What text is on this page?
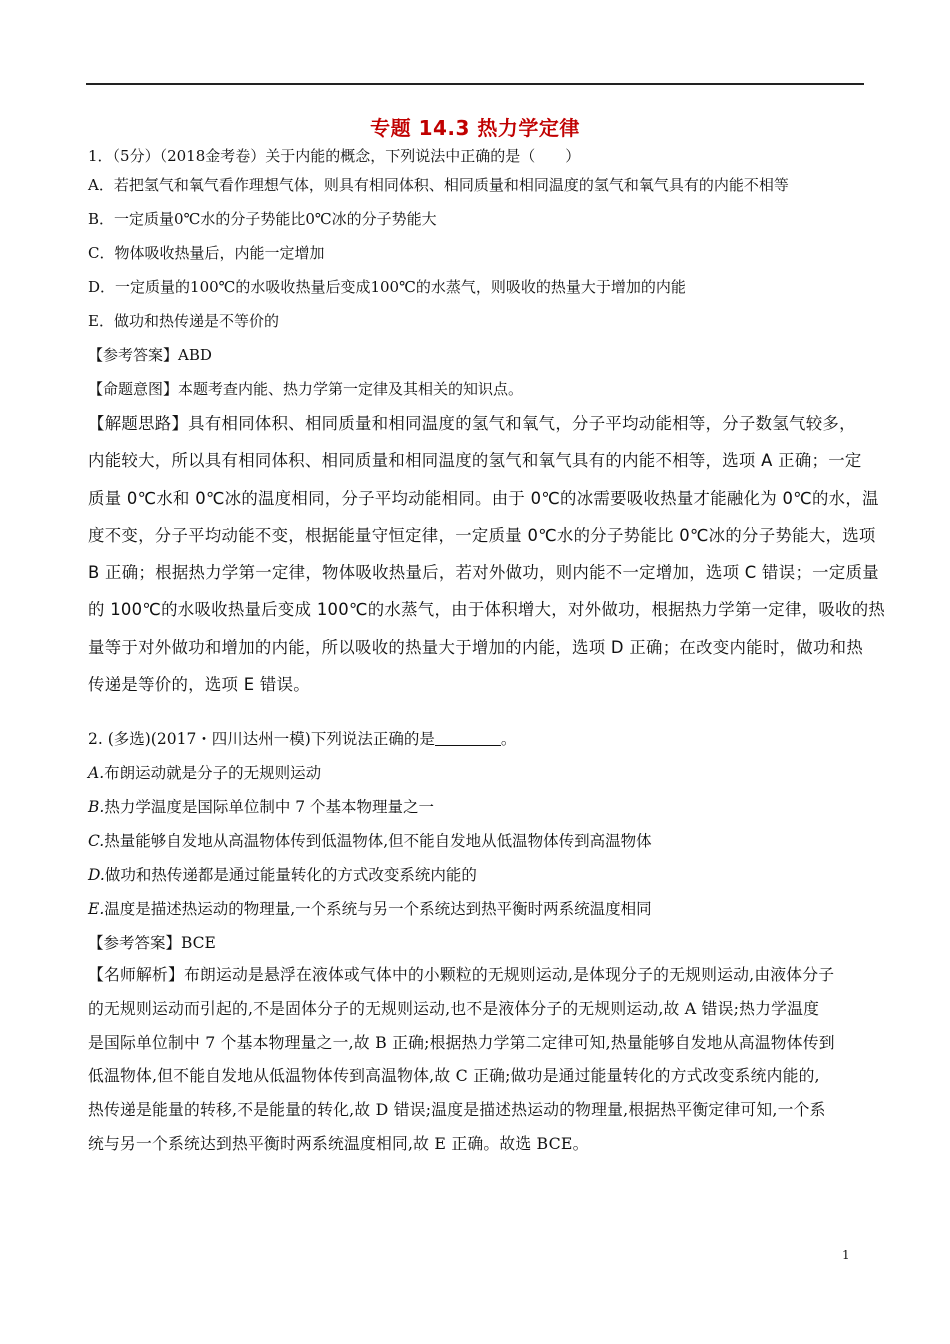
专题 14.3 热力学定律
1．（5分）（2018金考卷）关于内能的概念，下列说法中正确的是（　　）
A．若把氢气和氧气看作理想气体，则具有相同体积、相同质量和相同温度的氢气和氧气具有的内能不相等
B．一定质量0℃水的分子势能比0℃冰的分子势能大
C．物体吸收热量后，内能一定增加
D．一定质量的100℃的水吸收热量后变成100℃的水蒸气，则吸收的热量大于增加的内能
E．做功和热传递是不等价的
【参考答案】ABD
【命题意图】本题考查内能、热力学第一定律及其相关的知识点。
【解题思路】具有相同体积、相同质量和相同温度的氢气和氧气，分子平均动能相等，分子数氢气较多，
内能较大，所以具有相同体积、相同质量和相同温度的氢气和氧气具有的内能不相等，选项 A 正确；一定
质量 0℃水和 0℃冰的温度相同，分子平均动能相同。由于 0℃的冰需要吸收热量才能融化为 0℃的水，温
度不变，分子平均动能不变，根据能量守恒定律，一定质量 0℃水的分子势能比 0℃冰的分子势能大，选项
B 正确；根据热力学第一定律，物体吸收热量后，若对外做功，则内能不一定增加，选项 C 错误；一定质量
的 100℃的水吸收热量后变成 100℃的水蒸气，由于体积增大，对外做功，根据热力学第一定律，吸收的热
量等于对外做功和增加的内能，所以吸收的热量大于增加的内能，选项 D 正确；在改变内能时，做功和热
传递是等价的，选项 E 错误。
2. (多选)(2017・四川达州一模)下列说法正确的是	。
A.布朗运动就是分子的无规则运动
B.热力学温度是国际单位制中 7 个基本物理量之一
C.热量能够自发地从高温物体传到低温物体,但不能自发地从低温物体传到高温物体
D.做功和热传递都是通过能量转化的方式改变系统内能的
E.温度是描述热运动的物理量,一个系统与另一个系统达到热平衡时两系统温度相同
【参考答案】BCE
【名师解析】布朗运动是悬浮在液体或气体中的小颗粒的无规则运动,是体现分子的无规则运动,由液体分子
的无规则运动而引起的,不是固体分子的无规则运动,也不是液体分子的无规则运动,故 A 错误;热力学温度
是国际单位制中 7 个基本物理量之一,故 B 正确;根据热力学第二定律可知,热量能够自发地从高温物体传到
低温物体,但不能自发地从低温物体传到高温物体,故 C 正确;做功是通过能量转化的方式改变系统内能的,
热传递是能量的转移,不是能量的转化,故 D 错误;温度是描述热运动的物理量,根据热平衡定律可知,一个系
统与另一个系统达到热平衡时两系统温度相同,故 E 正确。故选 BCE。
1
